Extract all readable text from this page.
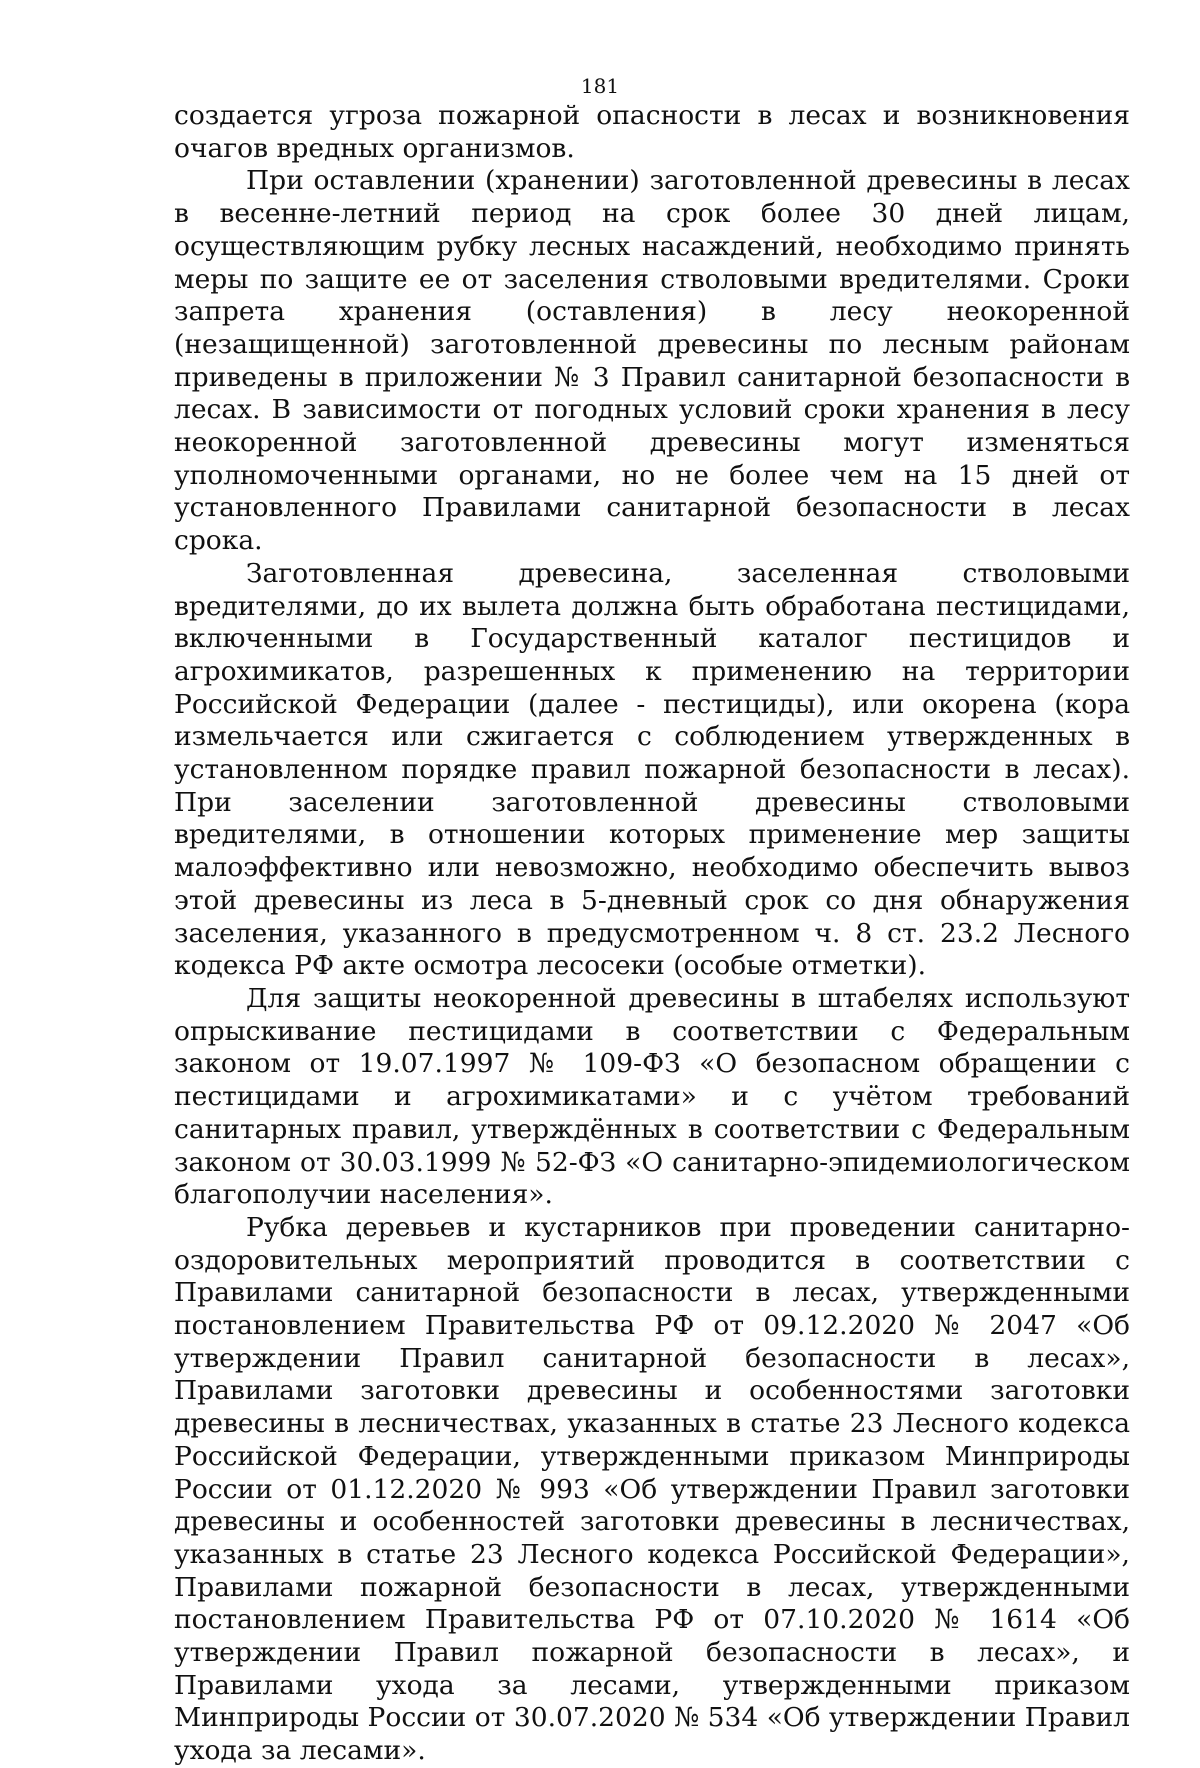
181

создается угроза пожарной опасности в лесах и возникновения очагов вредных организмов.

При оставлении (хранении) заготовленной древесины в лесах в весенне-летний период на срок более 30 дней лицам, осуществляющим рубку лесных насаждений, необходимо принять меры по защите ее от заселения стволовыми вредителями. Сроки запрета хранения (оставления) в лесу неокоренной (незащищенной) заготовленной древесины по лесным районам приведены в приложении № 3 Правил санитарной безопасности в лесах. В зависимости от погодных условий сроки хранения в лесу неокоренной заготовленной древесины могут изменяться уполномоченными органами, но не более чем на 15 дней от установленного Правилами санитарной безопасности в лесах срока.

Заготовленная древесина, заселенная стволовыми вредителями, до их вылета должна быть обработана пестицидами, включенными в Государственный каталог пестицидов и агрохимикатов, разрешенных к применению на территории Российской Федерации (далее - пестициды), или окорена (кора измельчается или сжигается с соблюдением утвержденных в установленном порядке правил пожарной безопасности в лесах). При заселении заготовленной древесины стволовыми вредителями, в отношении которых применение мер защиты малоэффективно или невозможно, необходимо обеспечить вывоз этой древесины из леса в 5-дневный срок со дня обнаружения заселения, указанного в предусмотренном ч. 8 ст. 23.2 Лесного кодекса РФ акте осмотра лесосеки (особые отметки).

Для защиты неокоренной древесины в штабелях используют опрыскивание пестицидами в соответствии с Федеральным законом от 19.07.1997 № 109-ФЗ «О безопасном обращении с пестицидами и агрохимикатами» и с учётом требований санитарных правил, утверждённых в соответствии с Федеральным законом от 30.03.1999 № 52-ФЗ «О санитарно-эпидемиологическом благополучии населения».

Рубка деревьев и кустарников при проведении санитарно-оздоровительных мероприятий проводится в соответствии с Правилами санитарной безопасности в лесах, утвержденными постановлением Правительства РФ от 09.12.2020 № 2047 «Об утверждении Правил санитарной безопасности в лесах», Правилами заготовки древесины и особенностями заготовки древесины в лесничествах, указанных в статье 23 Лесного кодекса Российской Федерации, утвержденными приказом Минприроды России от 01.12.2020 № 993 «Об утверждении Правил заготовки древесины и особенностей заготовки древесины в лесничествах, указанных в статье 23 Лесного кодекса Российской Федерации», Правилами пожарной безопасности в лесах, утвержденными постановлением Правительства РФ от 07.10.2020 № 1614 «Об утверждении Правил пожарной безопасности в лесах», и Правилами ухода за лесами, утвержденными приказом Минприроды России от 30.07.2020 № 534 «Об утверждении Правил ухода за лесами».
